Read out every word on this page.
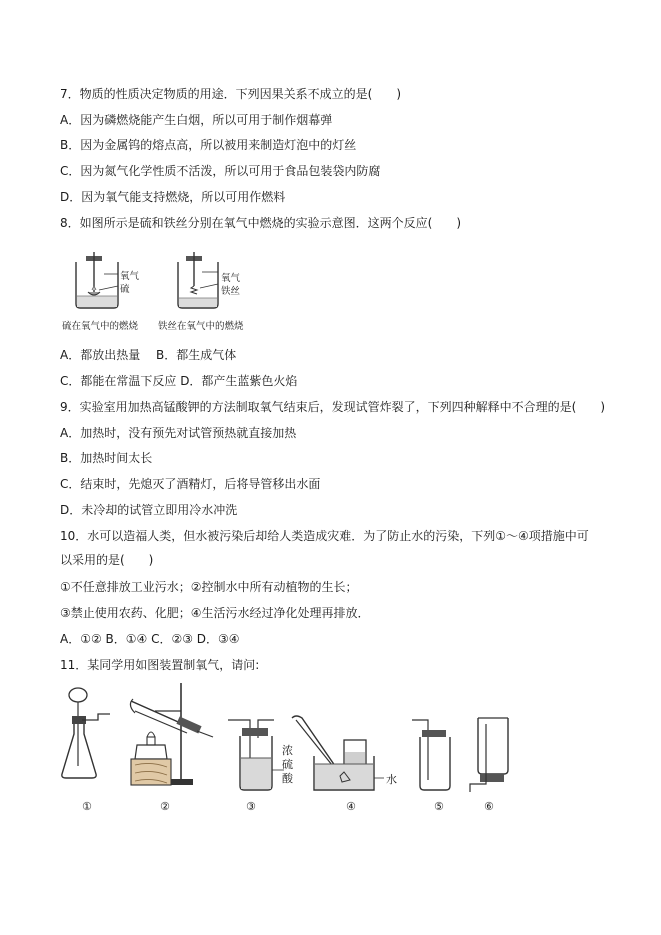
7．物质的性质决定物质的用途．下列因果关系不成立的是(　　)
A．因为磷燃烧能产生白烟，所以可用于制作烟幕弹
B．因为金属钨的熔点高，所以被用来制造灯泡中的灯丝
C．因为氮气化学性质不活泼，所以可用于食品包装袋内防腐
D．因为氧气能支持燃烧，所以可用作燃料
8．如图所示是硫和铁丝分别在氧气中燃烧的实验示意图．这两个反应(　　)
氧气
硫
硫在氧气中的燃烧
氧气
铁丝
铁丝在氧气中的燃烧
A．都放出热量　 B．都生成气体
C．都能在常温下反应 D．都产生蓝紫色火焰
9．实验室用加热高锰酸钾的方法制取氧气结束后，发现试管炸裂了，下列四种解释中不合理的是(　　)
A．加热时，没有预先对试管预热就直接加热
B．加热时间太长
C．结束时，先熄灭了酒精灯，后将导管移出水面
D．未冷却的试管立即用冷水冲洗
10．水可以造福人类，但水被污染后却给人类造成灾难．为了防止水的污染，下列①～④项措施中可以采用的是(　　)
①不任意排放工业污水；②控制水中所有动植物的生长；
③禁止使用农药、化肥；④生活污水经过净化处理再排放．
A．①② B．①④ C．②③ D．③④
11．某同学用如图装置制氧气，请问:
①	②
浓硫酸
③
水
④	⑤	⑥
